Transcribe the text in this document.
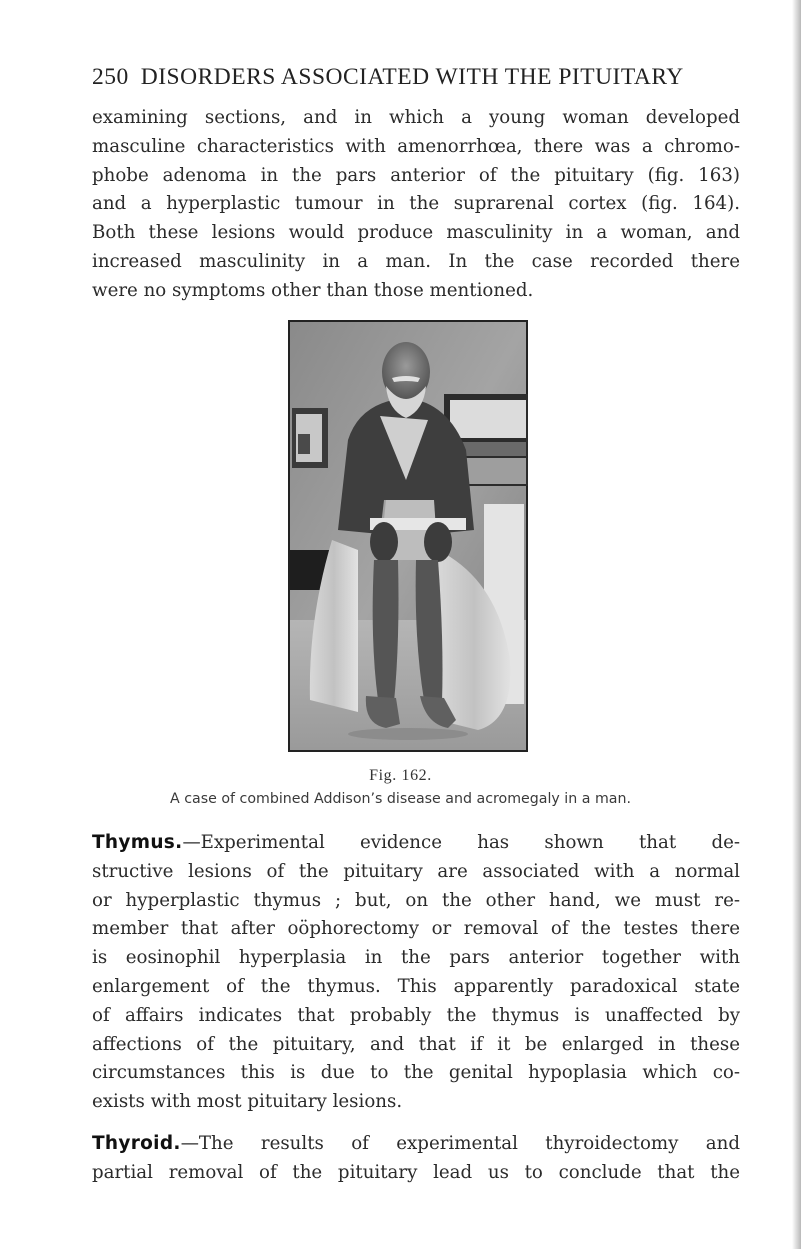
250 DISORDERS ASSOCIATED WITH THE PITUITARY
examining sections, and in which a young woman developed
masculine characteristics with amenorrhœa, there was a chromo-
phobe adenoma in the pars anterior of the pituitary (fig. 163)
and a hyperplastic tumour in the suprarenal cortex (fig. 164).
Both these lesions would produce masculinity in a woman, and
increased masculinity in a man. In the case recorded there
were no symptoms other than those mentioned.
Fig. 162.
A case of combined Addison’s disease and acromegaly in a man.
Thymus.—Experimental evidence has shown that de-
structive lesions of the pituitary are associated with a normal
or hyperplastic thymus ; but, on the other hand, we must re-
member that after oöphorectomy or removal of the testes there
is eosinophil hyperplasia in the pars anterior together with
enlargement of the thymus. This apparently paradoxical state
of affairs indicates that probably the thymus is unaffected by
affections of the pituitary, and that if it be enlarged in these
circumstances this is due to the genital hypoplasia which co-
exists with most pituitary lesions.
Thyroid.—The results of experimental thyroidectomy and
partial removal of the pituitary lead us to conclude that the
